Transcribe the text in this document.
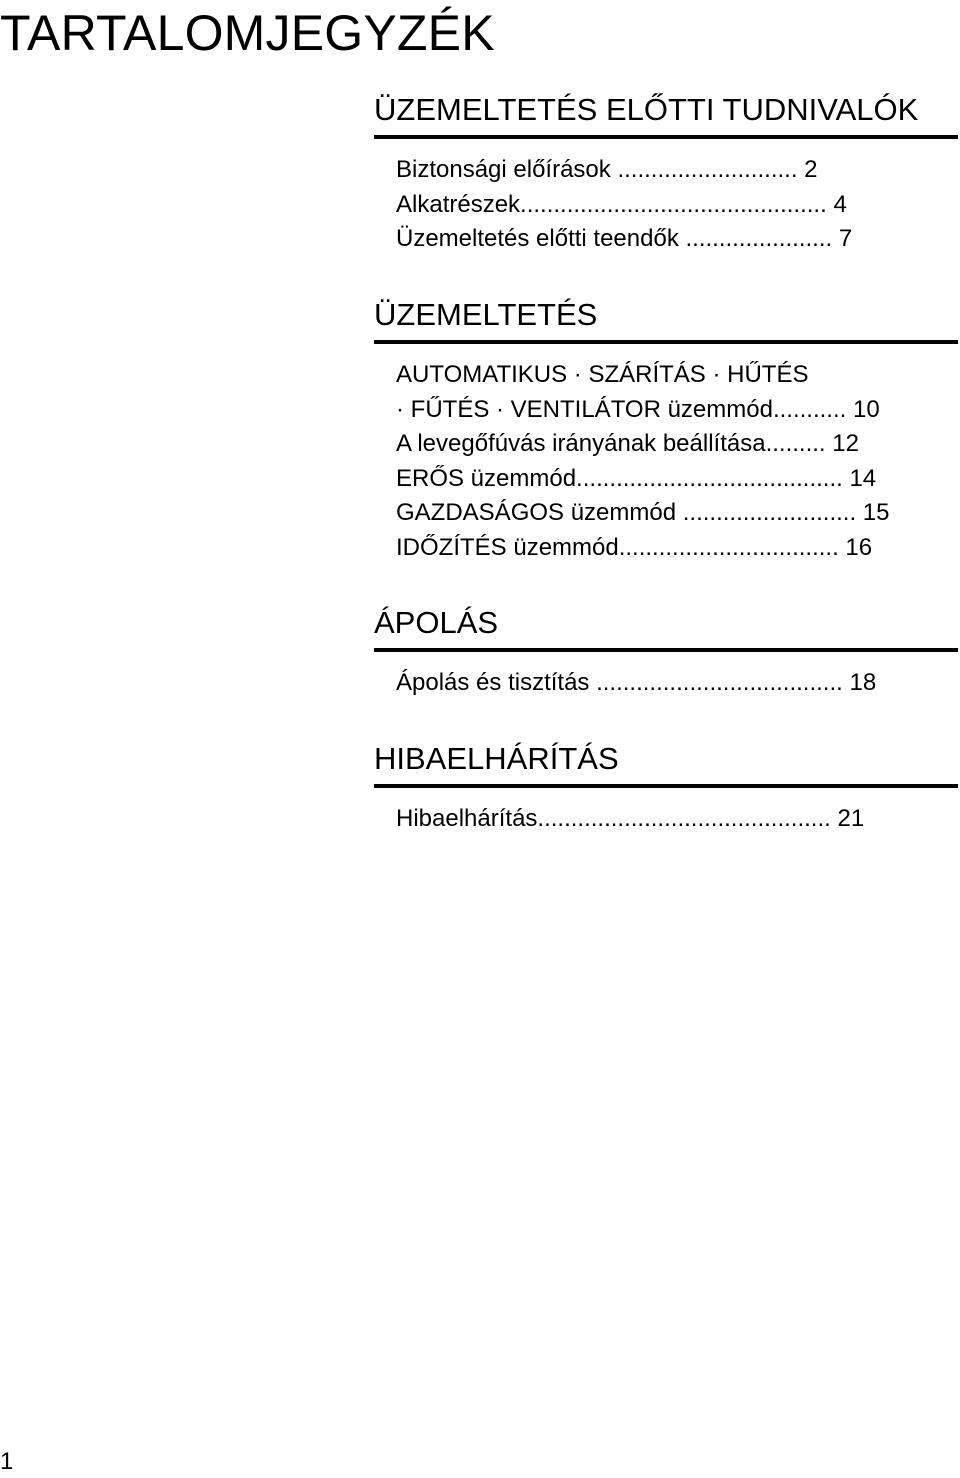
TARTALOMJEGYZÉK
ÜZEMELTETÉS ELŐTTI TUDNIVALÓK
Biztonsági előírások ........................... 2
Alkatrészek.............................................. 4
Üzemeltetés előtti teendők ...................... 7
ÜZEMELTETÉS
AUTOMATIKUS · SZÁRÍTÁS · HŰTÉS
· FŰTÉS · VENTILÁTOR üzemmód........... 10
A levegőfúvás irányának beállítása......... 12
ERŐS üzemmód........................................ 14
GAZDASÁGOS üzemmód .......................... 15
IDŐZÍTÉS üzemmód................................. 16
ÁPOLÁS
Ápolás és tisztítás ..................................... 18
HIBAELHÁRÍTÁS
Hibaelhárítás............................................ 21
1
